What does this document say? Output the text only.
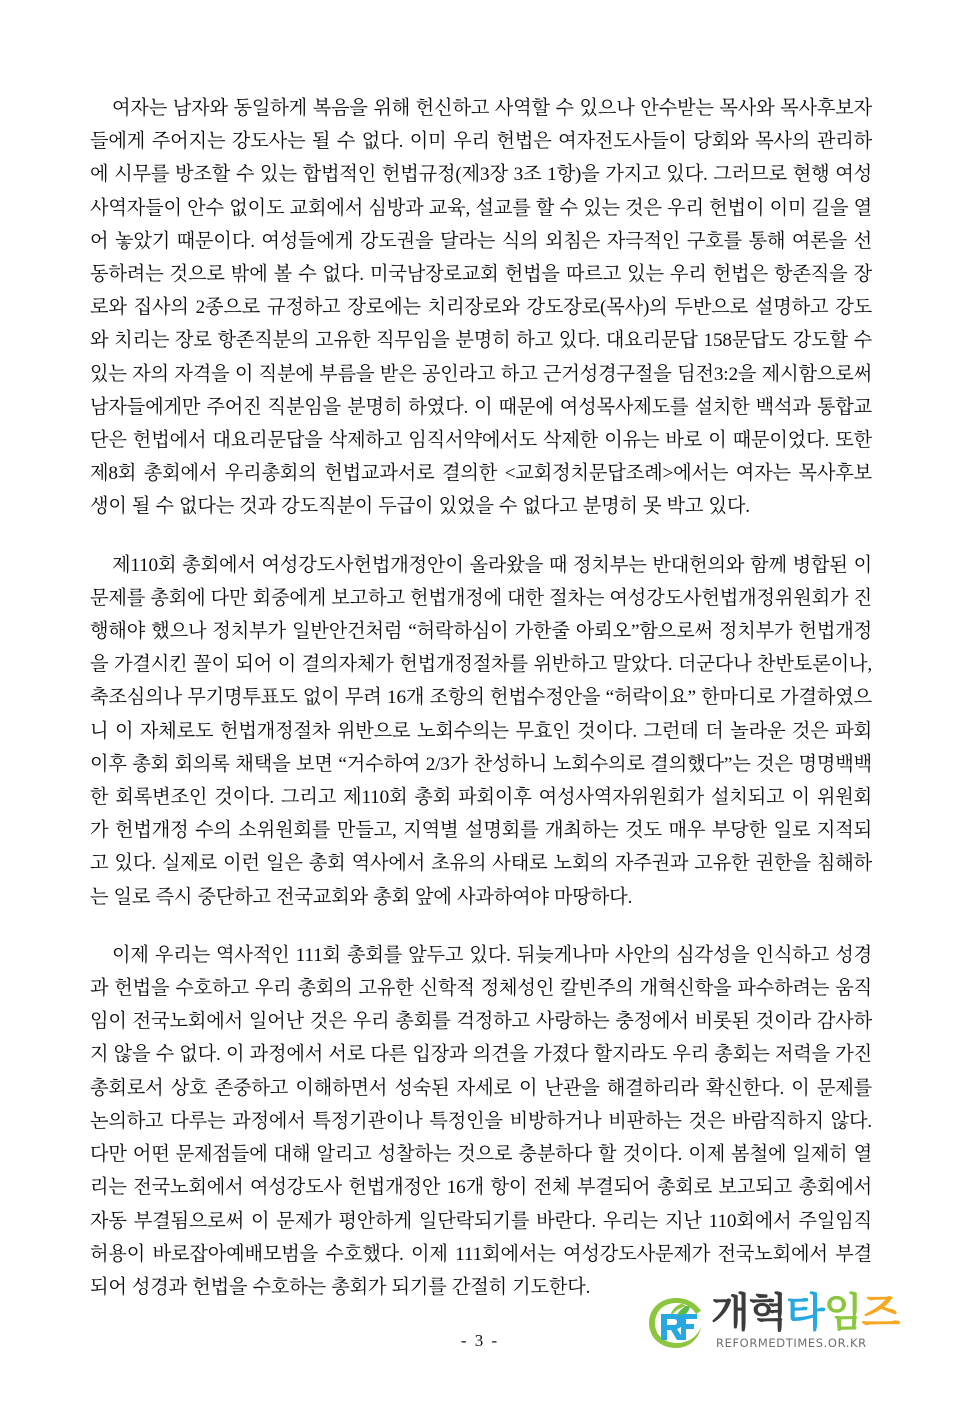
여자는 남자와 동일하게 복음을 위해 헌신하고 사역할 수 있으나 안수받는 목사와 목사후보자들에게 주어지는 강도사는 될 수 없다. 이미 우리 헌법은 여자전도사들이 당회와 목사의 관리하에 시무를 방조할 수 있는 합법적인 헌법규정(제3장 3조 1항)을 가지고 있다. 그러므로 현행 여성사역자들이 안수 없이도 교회에서 심방과 교육, 설교를 할 수 있는 것은 우리 헌법이 이미 길을 열어 놓았기 때문이다. 여성들에게 강도권을 달라는 식의 외침은 자극적인 구호를 통해 여론을 선동하려는 것으로 밖에 볼 수 없다. 미국남장로교회 헌법을 따르고 있는 우리 헌법은 항존직을 장로와 집사의 2종으로 규정하고 장로에는 치리장로와 강도장로(목사)의 두반으로 설명하고 강도와 치리는 장로 항존직분의 고유한 직무임을 분명히 하고 있다. 대요리문답 158문답도 강도할 수 있는 자의 자격을 이 직분에 부름을 받은 공인라고 하고 근거성경구절을 딤전3:2을 제시함으로써 남자들에게만 주어진 직분임을 분명히 하였다. 이 때문에 여성목사제도를 설치한 백석과 통합교단은 헌법에서 대요리문답을 삭제하고 임직서약에서도 삭제한 이유는 바로 이 때문이었다. 또한 제8회 총회에서 우리총회의 헌법교과서로 결의한 <교회정치문답조례>에서는 여자는 목사후보생이 될 수 없다는 것과 강도직분이 두급이 있었을 수 없다고 분명히 못 박고 있다.

제110회 총회에서 여성강도사헌법개정안이 올라왔을 때 정치부는 반대헌의와 함께 병합된 이 문제를 총회에 다만 회중에게 보고하고 헌법개정에 대한 절차는 여성강도사헌법개정위원회가 진행해야 했으나 정치부가 일반안건처럼 “허락하심이 가한줄 아뢰오”함으로써 정치부가 헌법개정을 가결시킨 꼴이 되어 이 결의자체가 헌법개정절차를 위반하고 말았다. 더군다나 찬반토론이나, 축조심의나 무기명투표도 없이 무려 16개 조항의 헌법수정안을 “허락이요” 한마디로 가결하였으니 이 자체로도 헌법개정절차 위반으로 노회수의는 무효인 것이다. 그런데 더 놀라운 것은 파회이후 총회 회의록 채택을 보면 “거수하여 2/3가 찬성하니 노회수의로 결의했다”는 것은 명명백백한 회록변조인 것이다. 그리고 제110회 총회 파회이후 여성사역자위원회가 설치되고 이 위원회가 헌법개정 수의 소위원회를 만들고, 지역별 설명회를 개최하는 것도 매우 부당한 일로 지적되고 있다. 실제로 이런 일은 총회 역사에서 초유의 사태로 노회의 자주권과 고유한 권한을 침해하는 일로 즉시 중단하고 전국교회와 총회 앞에 사과하여야 마땅하다.

이제 우리는 역사적인 111회 총회를 앞두고 있다. 뒤늦게나마 사안의 심각성을 인식하고 성경과 헌법을 수호하고 우리 총회의 고유한 신학적 정체성인 칼빈주의 개혁신학을 파수하려는 움직임이 전국노회에서 일어난 것은 우리 총회를 걱정하고 사랑하는 충정에서 비롯된 것이라 감사하지 않을 수 없다. 이 과정에서 서로 다른 입장과 의견을 가졌다 할지라도 우리 총회는 저력을 가진 총회로서 상호 존중하고 이해하면서 성숙된 자세로 이 난관을 해결하리라 확신한다. 이 문제를 논의하고 다루는 과정에서 특정기관이나 특정인을 비방하거나 비판하는 것은 바람직하지 않다. 다만 어떤 문제점들에 대해 알리고 성찰하는 것으로 충분하다 할 것이다. 이제 봄철에 일제히 열리는 전국노회에서 여성강도사 헌법개정안 16개 항이 전체 부결되어 총회로 보고되고 총회에서 자동 부결됨으로써 이 문제가 평안하게 일단락되기를 바란다. 우리는 지난 110회에서 주일임직허용이 바로잡아예배모범을 수호했다. 이제 111회에서는 여성강도사문제가 전국노회에서 부결되어 성경과 헌법을 수호하는 총회가 되기를 간절히 기도한다.

- 3 -
개혁타임즈
REFORMEDTIMES.OR.KR
